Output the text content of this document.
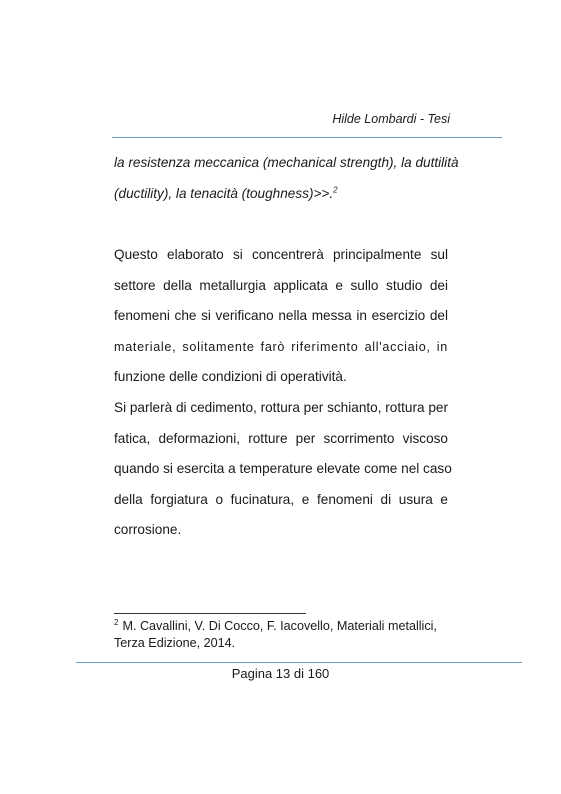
Hilde Lombardi - Tesi

la resistenza meccanica (mechanical strength), la duttilità
(ductility), la tenacità (toughness)>>.$^2$

Questo elaborato si concentrerà principalmente sul
settore della metallurgia applicata e sullo studio dei
fenomeni che si verificano nella messa in esercizio del
materiale, solitamente farò riferimento all'acciaio, in
funzione delle condizioni di operatività.

Si parlerà di cedimento, rottura per schianto, rottura per
fatica, deformazioni, rotture per scorrimento viscoso
quando si esercita a temperature elevate come nel caso
della forgiatura o fucinatura, e fenomeni di usura e
corrosione.

$^2$ M. Cavallini, V. Di Cocco, F. Iacovello, Materiali metallici, Terza Edizione, 2014.

Pagina 13 di 160
